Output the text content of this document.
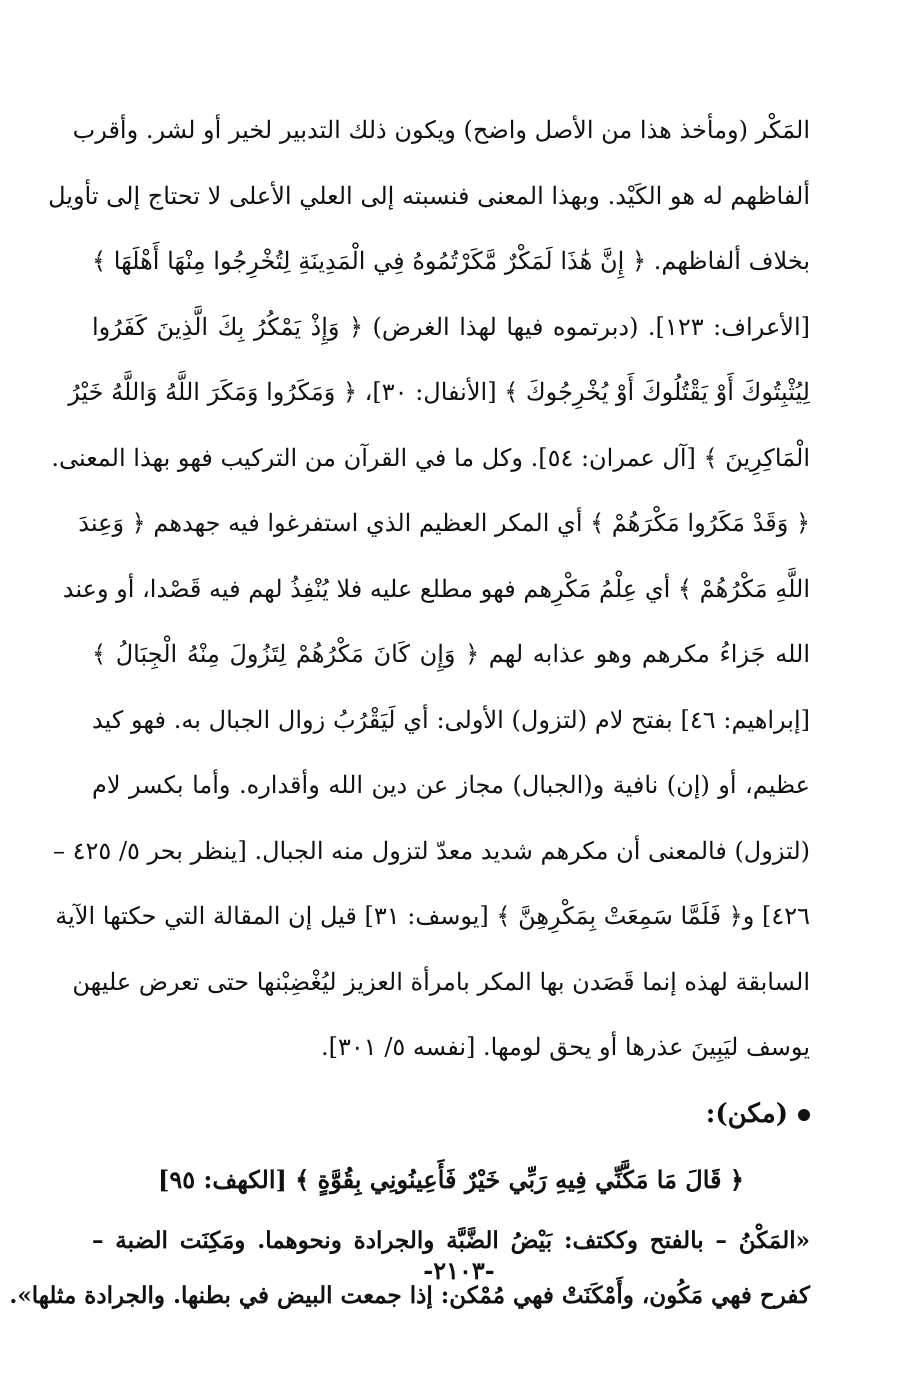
المَكْر (ومأخذ هذا من الأصل واضح) ويكون ذلك التدبير لخير أو لشر. وأقرب
ألفاظهم له هو الكَيْد. وبهذا المعنى فنسبته إلى العلي الأعلى لا تحتاج إلى تأويل
بخلاف ألفاظهم. ﴿ إِنَّ هَٰذَا لَمَكْرٌ مَّكَرْتُمُوهُ فِي الْمَدِينَةِ لِتُخْرِجُوا مِنْهَا أَهْلَهَا ﴾
[الأعراف: ١٢٣]. (دبرتموه فيها لهذا الغرض) ﴿ وَإِذْ يَمْكُرُ بِكَ الَّذِينَ كَفَرُوا
لِيُثْبِتُوكَ أَوْ يَقْتُلُوكَ أَوْ يُخْرِجُوكَ ﴾ [الأنفال: ٣٠]، ﴿ وَمَكَرُوا وَمَكَرَ اللَّهُ وَاللَّهُ خَيْرُ
الْمَاكِرِينَ ﴾ [آل عمران: ٥٤]. وكل ما في القرآن من التركيب فهو بهذا المعنى.
﴿ وَقَدْ مَكَرُوا مَكْرَهُمْ ﴾ أي المكر العظيم الذي استفرغوا فيه جهدهم ﴿ وَعِندَ
اللَّهِ مَكْرُهُمْ ﴾ أي عِلْمُ مَكْرِهم فهو مطلع عليه فلا يُنْفِذُ لهم فيه قَصْدا، أو وعند
الله جَزاءُ مكرهم وهو عذابه لهم ﴿ وَإِن كَانَ مَكْرُهُمْ لِتَزُولَ مِنْهُ الْجِبَالُ ﴾
[إبراهيم: ٤٦] بفتح لام (لتزول) الأولى: أي لَيَقْرُبُ زوال الجبال به. فهو كيد
عظيم، أو (إن) نافية و(الجبال) مجاز عن دين الله وأقداره. وأما بكسر لام
(لتزول) فالمعنى أن مكرهم شديد معدّ لتزول منه الجبال. [ينظر بحر ٥/ ٤٢٥ –
٤٢٦] و﴿ فَلَمَّا سَمِعَتْ بِمَكْرِهِنَّ ﴾ [يوسف: ٣١] قيل إن المقالة التي حكتها الآية
السابقة لهذه إنما قَصَدن بها المكر بامرأة العزيز ليُغْضِبْنها حتى تعرض عليهن
يوسف ليَبِينَ عذرها أو يحق لومها. [نفسه ٥/ ٣٠١].

(مكن):

﴿ قَالَ مَا مَكَّنِّي فِيهِ رَبِّي خَيْرٌ فَأَعِينُونِي بِقُوَّةٍ ﴾ [الكهف: ٩٥]

«المَكْنُ – بالفتح وككتف: بَيْضُ الضَّبَّة والجرادة ونحوهما. ومَكِنَت الضبة –
كفرح فهي مَكُون، وأَمْكَنَتْ فهي مُمْكن: إذا جمعت البيض في بطنها. والجرادة مثلها».

-٢١٠٣-
